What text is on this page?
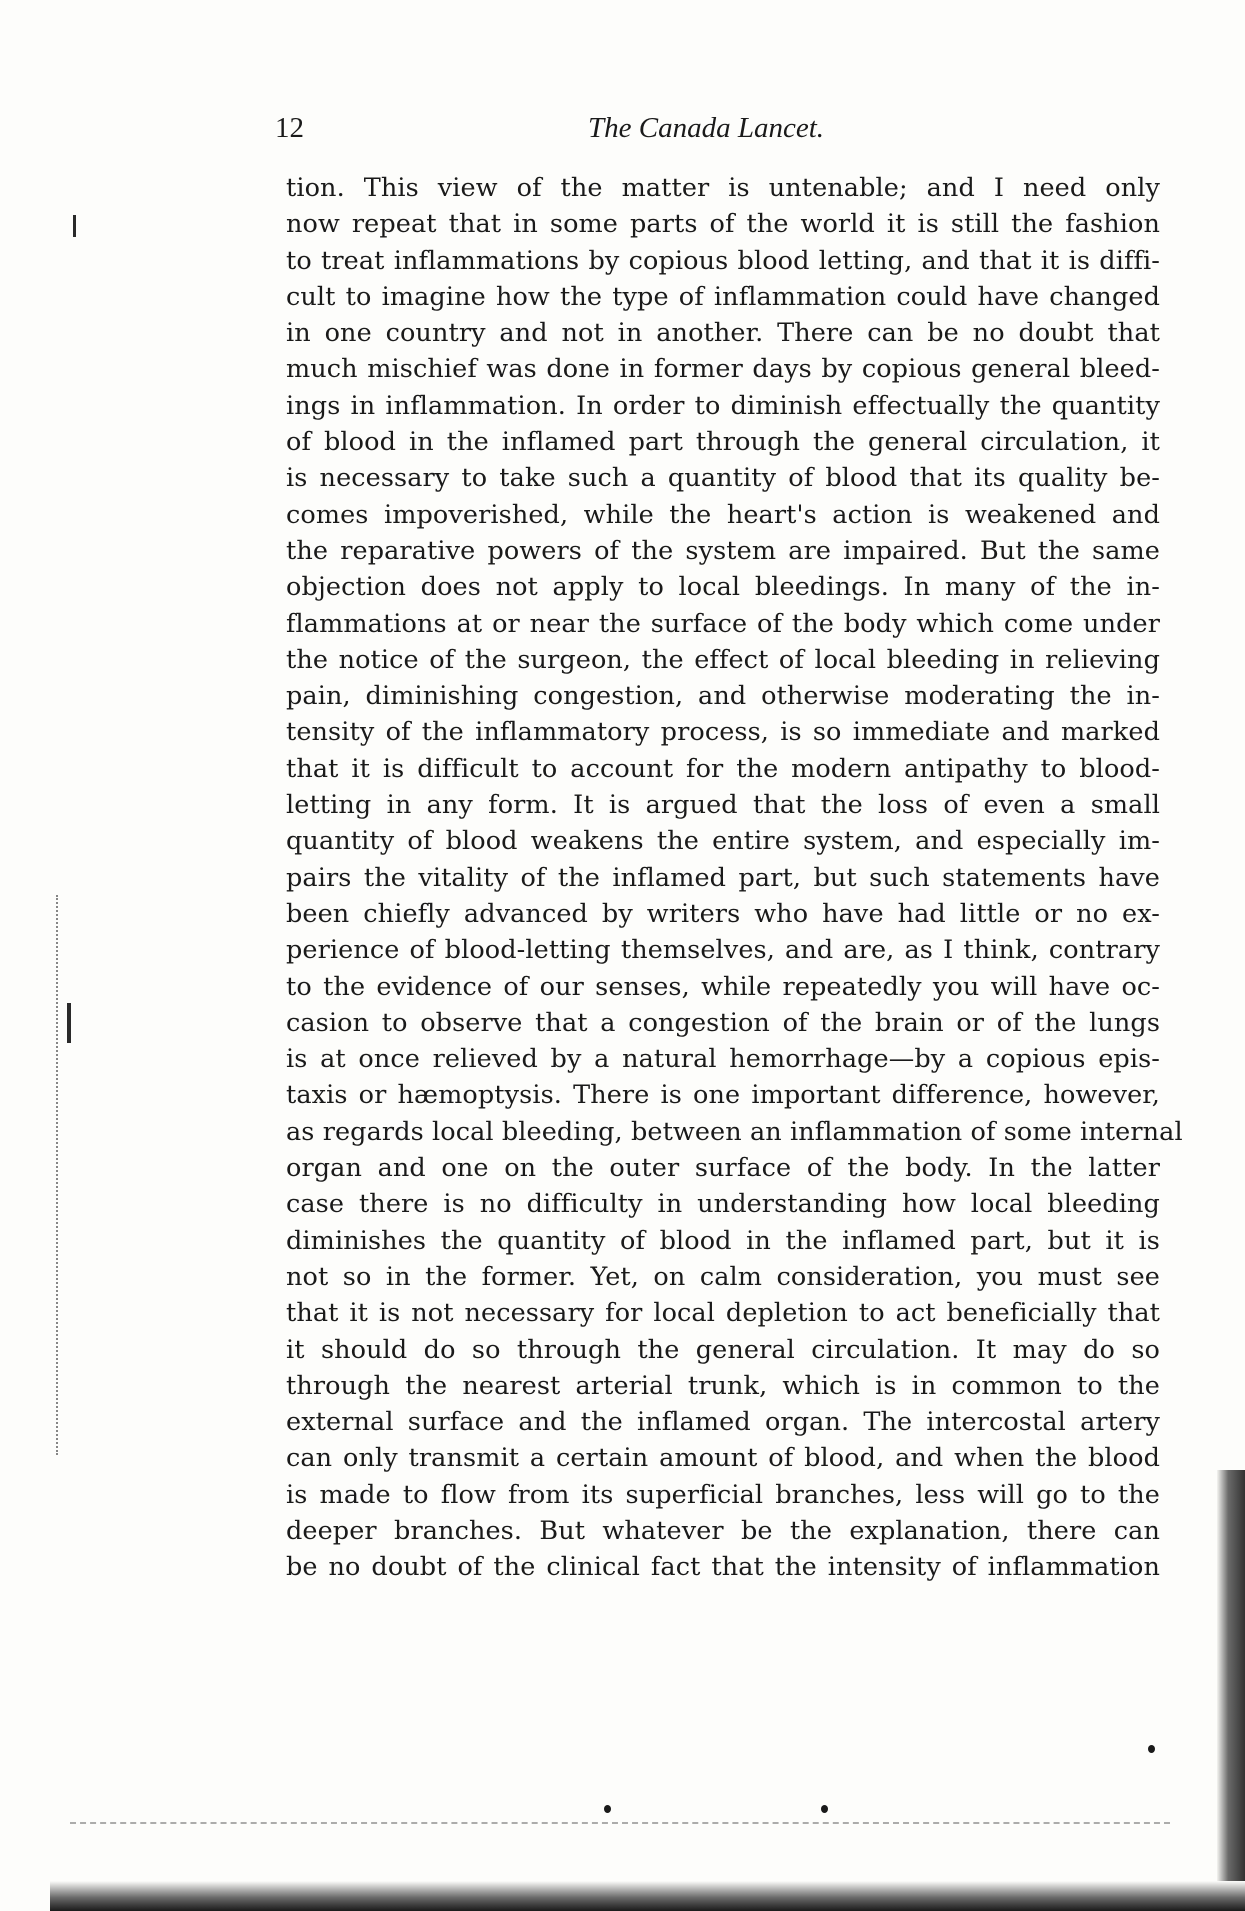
12	The Canada Lancet.
tion. This view of the matter is untenable; and I need only
now repeat that in some parts of the world it is still the fashion
to treat inflammations by copious blood letting, and that it is diffi-
cult to imagine how the type of inflammation could have changed
in one country and not in another. There can be no doubt that
much mischief was done in former days by copious general bleed-
ings in inflammation. In order to diminish effectually the quantity
of blood in the inflamed part through the general circulation, it
is necessary to take such a quantity of blood that its quality be-
comes impoverished, while the heart's action is weakened and
the reparative powers of the system are impaired. But the same
objection does not apply to local bleedings. In many of the in-
flammations at or near the surface of the body which come under
the notice of the surgeon, the effect of local bleeding in relieving
pain, diminishing congestion, and otherwise moderating the in-
tensity of the inflammatory process, is so immediate and marked
that it is difficult to account for the modern antipathy to blood-
letting in any form. It is argued that the loss of even a small
quantity of blood weakens the entire system, and especially im-
pairs the vitality of the inflamed part, but such statements have
been chiefly advanced by writers who have had little or no ex-
perience of blood-letting themselves, and are, as I think, contrary
to the evidence of our senses, while repeatedly you will have oc-
casion to observe that a congestion of the brain or of the lungs
is at once relieved by a natural hemorrhage—by a copious epis-
taxis or hæmoptysis. There is one important difference, however,
as regards local bleeding, between an inflammation of some internal
organ and one on the outer surface of the body. In the latter
case there is no difficulty in understanding how local bleeding
diminishes the quantity of blood in the inflamed part, but it is
not so in the former. Yet, on calm consideration, you must see
that it is not necessary for local depletion to act beneficially that
it should do so through the general circulation. It may do so
through the nearest arterial trunk, which is in common to the
external surface and the inflamed organ. The intercostal artery
can only transmit a certain amount of blood, and when the blood
is made to flow from its superficial branches, less will go to the
deeper branches. But whatever be the explanation, there can
be no doubt of the clinical fact that the intensity of inflammation
